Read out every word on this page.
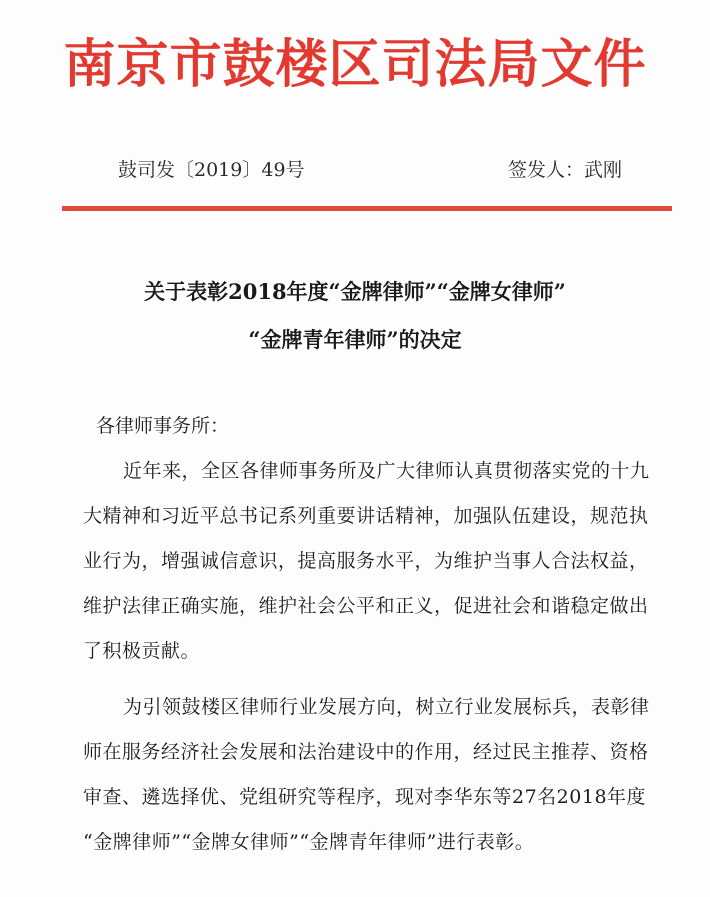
南京市鼓楼区司法局文件
鼓司发〔2019〕49号	签发人：武刚
关于表彰2018年度“金牌律师”“金牌女律师”
“金牌青年律师”的决定
各律师事务所：
近年来，全区各律师事务所及广大律师认真贯彻落实党的十九
大精神和习近平总书记系列重要讲话精神，加强队伍建设，规范执
业行为，增强诚信意识，提高服务水平，为维护当事人合法权益，
维护法律正确实施，维护社会公平和正义，促进社会和谐稳定做出
了积极贡献。
为引领鼓楼区律师行业发展方向，树立行业发展标兵，表彰律
师在服务经济社会发展和法治建设中的作用，经过民主推荐、资格
审查、遴选择优、党组研究等程序，现对李华东等27名2018年度
“金牌律师”“金牌女律师”“金牌青年律师”进行表彰。
